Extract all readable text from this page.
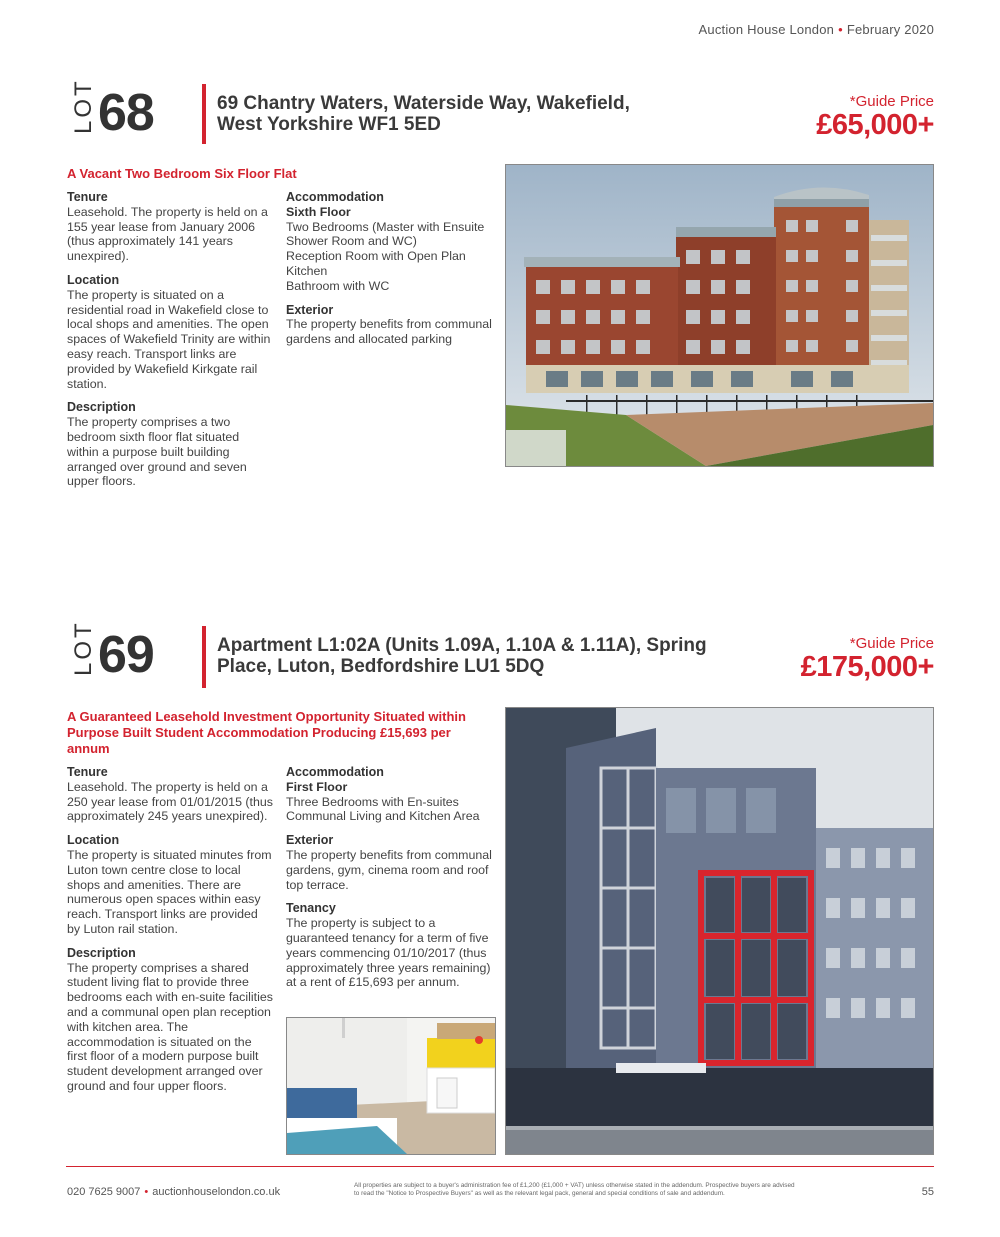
Auction House London • February 2020
LOT 68	69 Chantry Waters, Waterside Way, Wakefield,
West Yorkshire WF1 5ED
*Guide Price
£65,000+
A Vacant Two Bedroom Six Floor Flat
Tenure

Leasehold. The property is held on a 155 year lease from January 2006 (thus approximately 141 years unexpired).

Location

The property is situated on a residential road in Wakefield close to local shops and amenities. The open spaces of Wakefield Trinity are within easy reach. Transport links are provided by Wakefield Kirkgate rail station.

Description

The property comprises a two bedroom sixth floor flat situated within a purpose built building arranged over ground and seven upper floors.

Accommodation
Sixth Floor
Two Bedrooms (Master with Ensuite Shower Room and WC)
Reception Room with Open Plan Kitchen

Bathroom with WC

Exterior

The property benefits from communal gardens and allocated parking

LOT 69	Apartment L1:02A (Units 1.09A, 1.10A & 1.11A), Spring
Place, Luton, Bedfordshire LU1 5DQ
*Guide Price
£175,000+
A Guaranteed Leasehold Investment Opportunity Situated within
Purpose Built Student Accommodation Producing £15,693 per
annum
Tenure

Leasehold. The property is held on a 250 year lease from 01/01/2015 (thus approximately 245 years unexpired).

Location

The property is situated minutes from Luton town centre close to local shops and amenities. There are numerous open spaces within easy reach. Transport links are provided by Luton rail station.

Description

The property comprises a shared student living flat to provide three bedrooms each with en-suite facilities and a communal open plan reception with kitchen area. The accommodation is situated on the first floor of a modern purpose built student development arranged over ground and four upper floors.

Accommodation
First Floor
Three Bedrooms with En-suites

Communal Living and Kitchen Area

Exterior

The property benefits from communal gardens, gym, cinema room and roof top terrace.

Tenancy

The property is subject to a guaranteed tenancy for a term of five years commencing 01/10/2017 (thus approximately three years remaining) at a rent of £15,693 per annum.

020 7625 9007 • auctionhouselondon.co.uk
All properties are subject to a buyer's administration fee of £1,200 (£1,000 + VAT) unless otherwise stated in the addendum. Prospective buyers are advised
to read the "Notice to Prospective Buyers" as well as the relevant legal pack, general and special conditions of sale and addendum.	55
